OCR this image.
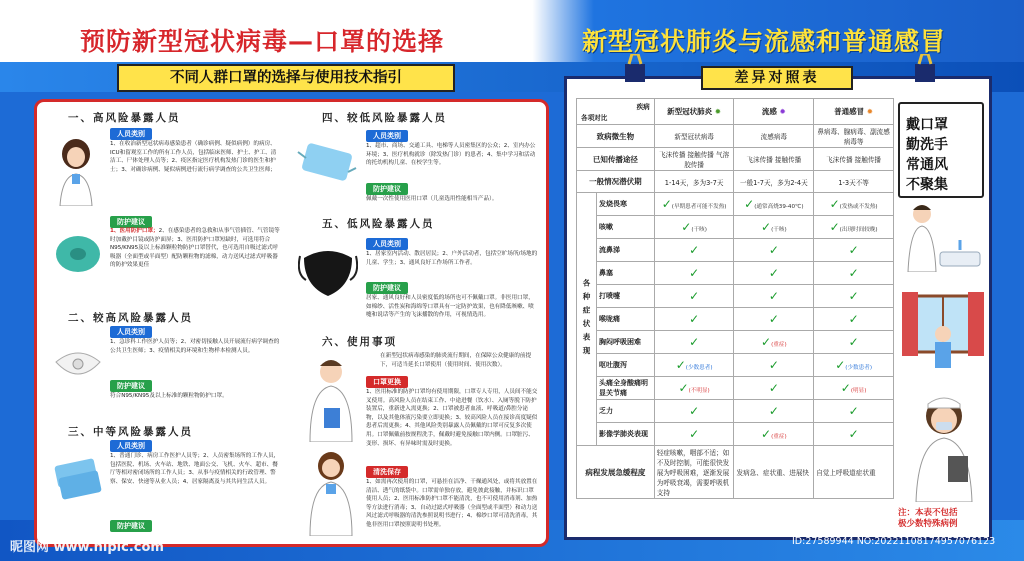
预防新型冠状病毒—口罩的选择	新型冠状肺炎与流感和普通感冒
不同人群口罩的选择与使用技术指引
一、高风险暴露人员
人员类别
1、在收治新型冠状病毒感染患者（确诊病例、疑似病例）的病房、ICU和留观室工作的所有工作人员，包括临床医师、护士、护工、清洁工、尸体处理人员等；2、疫区指定医疗机构发热门诊的医生和护士；3、对确诊病例、疑似病例进行流行病学调查的公共卫生医师；
防护建议
1、医用防护口罩；2、在感染患者的急救和从事气管插管、气管镜等时加戴护目镜或防护面屏；3、医用防护口罩短缺时，可选用符合N95/KN95及以上标准颗粒物防护口罩替代，也可选用自吸过滤式呼吸器（全面型或半面型）配防颗粒物的滤棉，动力送风过滤式呼吸器的防护效果更佳
二、较高风险暴露人员
人员类别
1、急诊科工作医护人员等；2、对密切接触人员开展流行病学调查的公共卫生医师；3、疫情相关的环境和生物样本检测人员。
防护建议
符合N95/KN95及以上标准的颗粒物防护口罩。
三、中等风险暴露人员
人员类别
1、普通门诊、病房工作医护人员等；2、人员密集场所的工作人员，包括医院、机场、火车站、地铁、地面公交、飞机、火车、超市、餐厅等相对密闭场所的工作人员；3、从事与疫情相关的行政管理、警察、保安、快递等从业人员；4、居家隔离及与其共同生活人员。
防护建议
四、较低风险暴露人员
人员类别
1、超市、商场、交通工具、电梯等人员密集区的公众；2、室内办公环境；3、医疗机构就诊（除发热门诊）的患者；4、集中学习和活动的托幼机构儿童、在校学生等。
防护建议
佩戴一次性使用医用口罩（儿童选用性能相当产品）。
五、低风险暴露人员
人员类别
1、居家室内活动、散居居民；2、户外活动者，包括空旷场所/场地的儿童、学生；3、通风良好工作场所工作者。
防护建议
居家、通风良好和人员密度低的场所也可不佩戴口罩。非医用口罩，如棉纱、活性炭和海绵等口罩具有一定防护效果，也有降低咳嗽、喷嚏和说话等产生的飞沫播散的作用，可视情选用。
六、使用事项
在新型冠状病毒感染的肺炎流行期间，在保障公众健康的前提下，可适当延长口罩使用（使用时间、使用次数）。
口罩更换
1、医用标准的防护口罩均有使用期限，口罩专人专用，人员间不能交叉使用。高风险人员在结束工作、中途进餐（饮水）、入厕等脱下防护装置后，重新进入需更换；2、口罩被患者血液、呼吸道/鼻腔分泌物，以及其他体液污染要立即更换；3、较高风险人员在接诊高度疑似患者后需更换；4、其他风险类别暴露人员佩戴的口罩可反复多次使用。口罩佩戴前按规程洗手，佩戴时避免接触口罩内侧。口罩脏污、变形、损坏、有异味时需及时更换。
清洗保存
1、如需再次使用的口罩，可悬挂在洁净、干燥通风处，或将其放置在清洁、透气的纸袋中。口罩需单独存放，避免彼此接触，并标识口罩使用人员；2、医用标准防护口罩不能清洗，也不可使用消毒剂、加热等方法进行消毒；3、自动过滤式呼吸器（全面型或半面型）和动力送风过滤式呼吸器的清洗参照说明书进行；4、棉纱口罩可清洗消毒，其他非医用口罩按照说明书处理。
差异对照表
疾病
各项对比		新型冠状肺炎 ✹	流感 ✹	普通感冒 ✹
致病微生物		新型冠状病毒	流感病毒	鼻病毒、腺病毒、副流感病毒等
已知传播途径		飞沫传播 接触传播 气溶胶传播	飞沫传播 接触传播	飞沫传播 接触传播
一般情况潜伏期		1-14天，多为3-7天	一般1-7天，多为2-4天	1-3天不等
各种症状表现	发烧畏寒	✓(早期患者可能不发热)	✓(通常高烧39-40℃)	✓(发热或不发热)
	咳嗽	✓(干咳)	✓(干咳)	✓(出现时间较晚)
	流鼻涕	✓	✓	✓
	鼻塞	✓	✓	✓
	打喷嚏	✓	✓	✓
	喉咙痛	✓	✓	✓
	胸闷呼吸困难	✓	✓(重症)	✓
	呕吐腹泻	✓(少数患者)	✓	✓(少数患者)
	头痛全身酸痛明显关节痛	✓(不明显)	✓	✓(明显)
	乏力	✓	✓	✓
	影像学肺炎表现	✓	✓(重症)	✓
病程发展急缓程度		轻症咳嗽，咽部不适；如不及时控制，可能很快发展为呼吸困难，逐渐发展为呼吸衰竭，需要呼吸机支持	发病急、症状重、进展快	自觉上呼吸道症状重
戴口罩
勤洗手
常通风
不聚集
注：本表不包括
极少数特殊病例
昵图网 www.nipic.com	ID:27589944 NO:20221108174957076123
